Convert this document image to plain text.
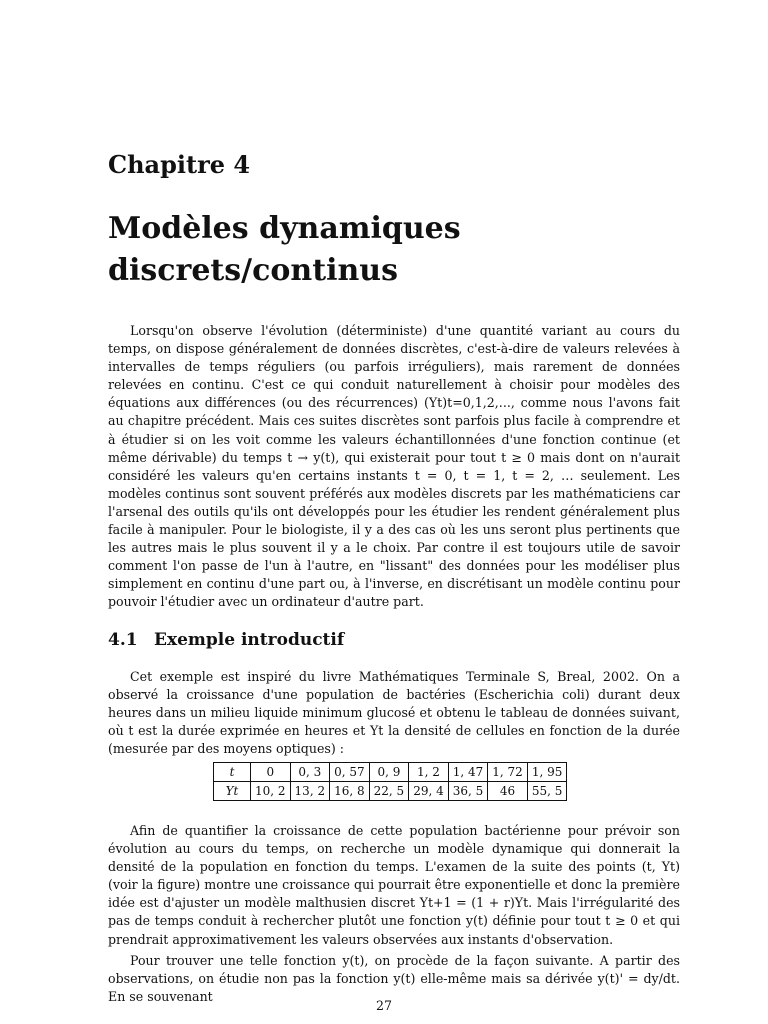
Chapitre 4
Modèles dynamiques
discrets/continus

Lorsqu'on observe l'évolution (déterministe) d'une quantité variant au cours du temps, on dispose généralement de données discrètes, c'est-à-dire de valeurs relevées à intervalles de temps réguliers (ou parfois irréguliers), mais rarement de données relevées en continu. C'est ce qui conduit naturellement à choisir pour modèles des équations aux différences (ou des récurrences) (Yt)t=0,1,2,..., comme nous l'avons fait au chapitre précédent. Mais ces suites discrètes sont parfois plus facile à comprendre et à étudier si on les voit comme les valeurs échantillonnées d'une fonction continue (et même dérivable) du temps t → y(t), qui existerait pour tout t ≥ 0 mais dont on n'aurait considéré les valeurs qu'en certains instants t = 0, t = 1, t = 2, … seulement. Les modèles continus sont souvent préférés aux modèles discrets par les mathématiciens car l'arsenal des outils qu'ils ont développés pour les étudier les rendent généralement plus facile à manipuler. Pour le biologiste, il y a des cas où les uns seront plus pertinents que les autres mais le plus souvent il y a le choix. Par contre il est toujours utile de savoir comment l'on passe de l'un à l'autre, en "lissant" des données pour les modéliser plus simplement en continu d'une part ou, à l'inverse, en discrétisant un modèle continu pour pouvoir l'étudier avec un ordinateur d'autre part.

4.1 Exemple introductif

Cet exemple est inspiré du livre Mathématiques Terminale S, Breal, 2002. On a observé la croissance d'une population de bactéries (Escherichia coli) durant deux heures dans un milieu liquide minimum glucosé et obtenu le tableau de données suivant, où t est la durée exprimée en heures et Yt la densité de cellules en fonction de la durée (mesurée par des moyens optiques) :

t	0	0, 3	0, 57	0, 9	1, 2	1, 47	1, 72	1, 95
Yt	10, 2	13, 2	16, 8	22, 5	29, 4	36, 5	46	55, 5

Afin de quantifier la croissance de cette population bactérienne pour prévoir son évolution au cours du temps, on recherche un modèle dynamique qui donnerait la densité de la population en fonction du temps. L'examen de la suite des points (t, Yt) (voir la figure) montre une croissance qui pourrait être exponentielle et donc la première idée est d'ajuster un modèle malthusien discret Yt+1 = (1 + r)Yt. Mais l'irrégularité des pas de temps conduit à rechercher plutôt une fonction y(t) définie pour tout t ≥ 0 et qui prendrait approximativement les valeurs observées aux instants d'observation.

Pour trouver une telle fonction y(t), on procède de la façon suivante. A partir des observations, on étudie non pas la fonction y(t) elle-même mais sa dérivée y(t)' = dy/dt. En se souvenant

27
